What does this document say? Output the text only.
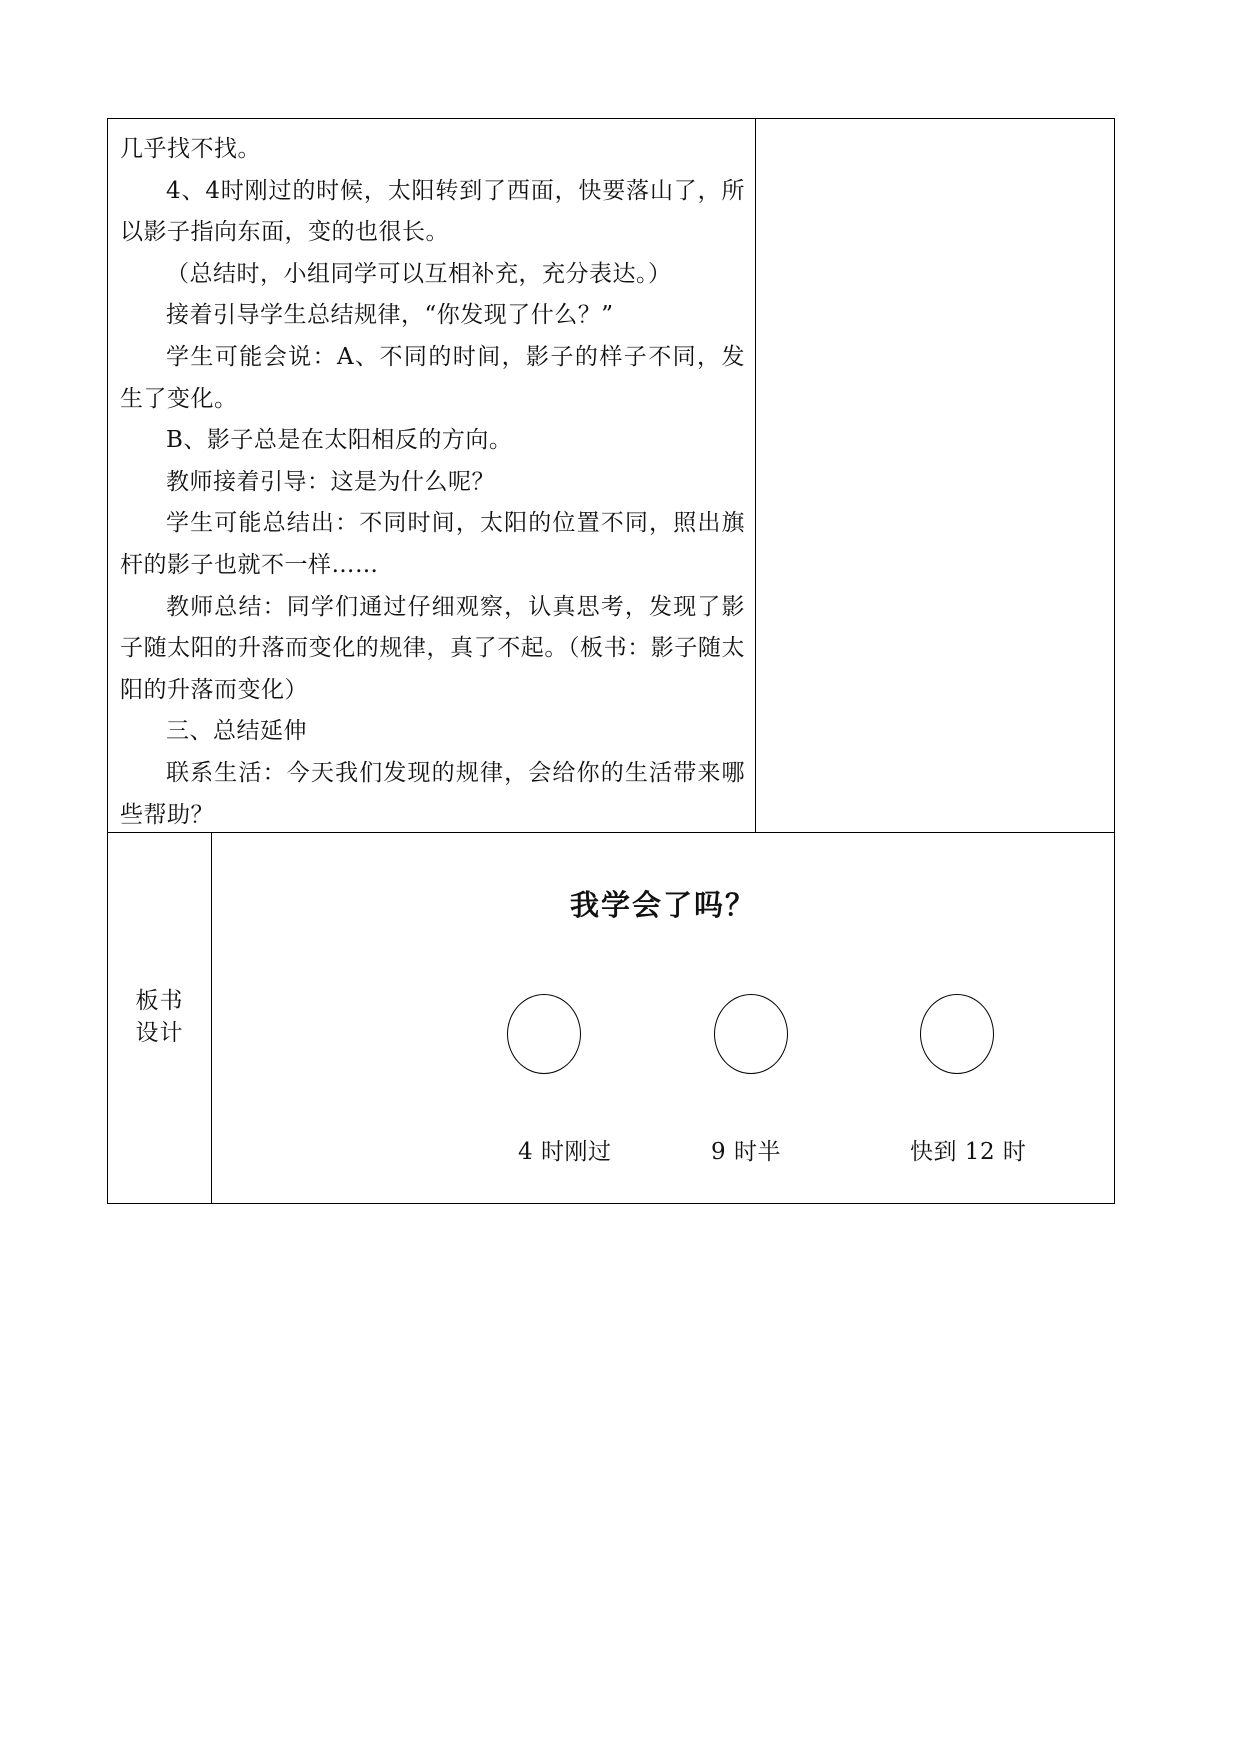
几乎找不找。

4、4时刚过的时候，太阳转到了西面，快要落山了，所以影子指向东面，变的也很长。

（总结时，小组同学可以互相补充，充分表达。）

接着引导学生总结规律，“你发现了什么？”

学生可能会说：A、不同的时间，影子的样子不同，发生了变化。

B、影子总是在太阳相反的方向。

教师接着引导：这是为什么呢？

学生可能总结出：不同时间，太阳的位置不同，照出旗杆的影子也就不一样……

教师总结：同学们通过仔细观察，认真思考，发现了影子随太阳的升落而变化的规律，真了不起。（板书：影子随太阳的升落而变化）

三、总结延伸

联系生活：今天我们发现的规律，会给你的生活带来哪些帮助？

板书
设计
我学会了吗？
4 时刚过	9 时半	快到 12 时
